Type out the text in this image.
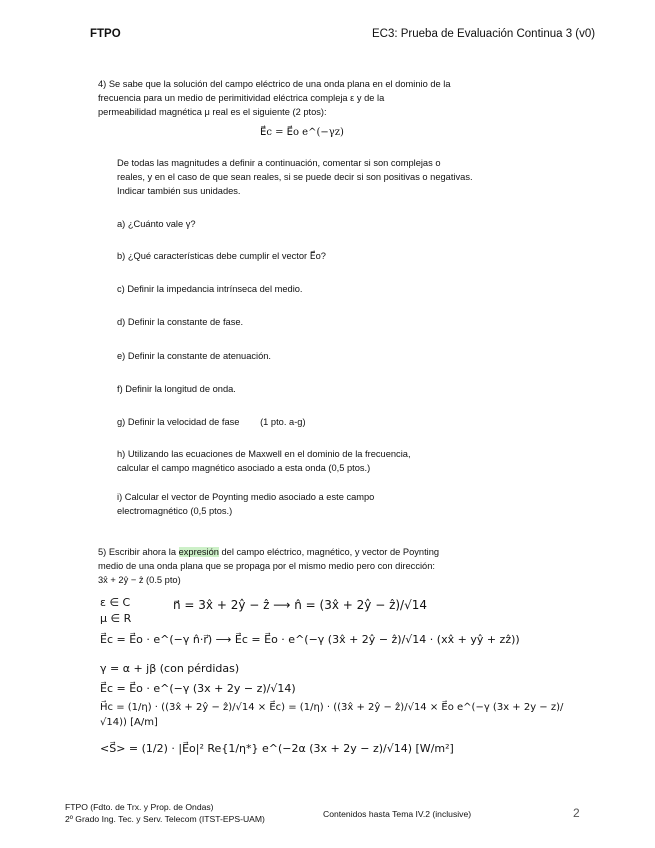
FTPO	EC3: Prueba de Evaluación Continua 3 (v0)
4) Se sabe que la solución del campo eléctrico de una onda plana en el dominio de la
frecuencia para un medio de perimitividad eléctrica compleja ε y de la
permeabilidad magnética μ real es el siguiente (2 ptos):
E⃗c = E⃗o e^(−γz)
De todas las magnitudes a definir a continuación, comentar si son complejas o
reales, y en el caso de que sean reales, si se puede decir si son positivas o negativas.
Indicar también sus unidades.
a) ¿Cuánto vale γ?
b) ¿Qué características debe cumplir el vector E⃗o?
c) Definir la impedancia intrínseca del medio.
d) Definir la constante de fase.
e) Definir la constante de atenuación.
f) Definir la longitud de onda.
g) Definir la velocidad de fase (1 pto. a-g)
h) Utilizando las ecuaciones de Maxwell en el dominio de la frecuencia,
calcular el campo magnético asociado a esta onda (0,5 ptos.)
i) Calcular el vector de Poynting medio asociado a este campo
electromagnético (0,5 ptos.)
5) Escribir ahora la expresión del campo eléctrico, magnético, y vector de Poynting
medio de una onda plana que se propaga por el mismo medio pero con dirección:
3x̂ + 2ŷ − ẑ (0.5 pto)
ε ∈ C	n⃗ = 3x̂ + 2ŷ − ẑ ⟶ n̂ = (3x̂ + 2ŷ − ẑ)/√14
μ ∈ R
E⃗c = E⃗o · e^(−γ n̂·r⃗) ⟶ E⃗c = E⃗o · e^(−γ (3x̂ + 2ŷ − ẑ)/√14 · (xx̂ + yŷ + zẑ))
γ = α + jβ (con pérdidas)
E⃗c = E⃗o · e^(−γ (3x + 2y − z)/√14)
H⃗c = (1/η) · ((3x̂ + 2ŷ − ẑ)/√14 × E⃗c) = (1/η) · ((3x̂ + 2ŷ − ẑ)/√14 × E⃗o e^(−γ (3x + 2y − z)/√14)) [A/m]
<S⃗> = (1/2) · |E⃗o|² Re{1/η*} e^(−2α (3x + 2y − z)/√14) [W/m²]
FTPO (Fdto. de Trx. y Prop. de Ondas)
2º Grado Ing. Tec. y Serv. Telecom (ITST-EPS-UAM)	Contenidos hasta Tema IV.2 (inclusive)	2
